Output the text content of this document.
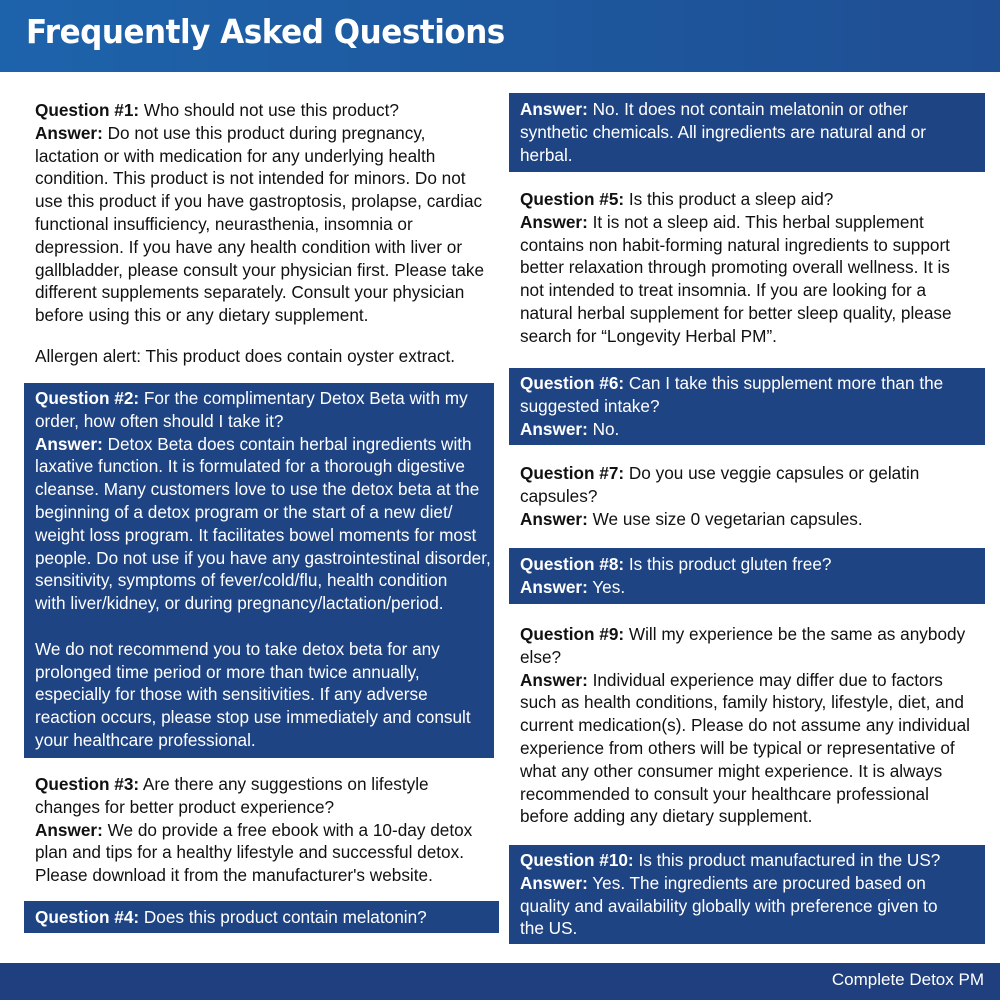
Frequently Asked Questions
Question #1: Who should not use this product?
Answer: Do not use this product during pregnancy,
lactation or with medication for any underlying health
condition. This product is not intended for minors. Do not
use this product if you have gastroptosis, prolapse, cardiac
functional insufficiency, neurasthenia, insomnia or
depression. If you have any health condition with liver or
gallbladder, please consult your physician first. Please take
different supplements separately. Consult your physician
before using this or any dietary supplement.
Allergen alert: This product does contain oyster extract.
Question #2: For the complimentary Detox Beta with my
order, how often should I take it?
Answer: Detox Beta does contain herbal ingredients with
laxative function. It is formulated for a thorough digestive
cleanse. Many customers love to use the detox beta at the
beginning of a detox program or the start of a new diet/
weight loss program. It facilitates bowel moments for most
people. Do not use if you have any gastrointestinal disorder,
sensitivity, symptoms of fever/cold/flu, health condition
with liver/kidney, or during pregnancy/lactation/period.
We do not recommend you to take detox beta for any
prolonged time period or more than twice annually,
especially for those with sensitivities. If any adverse
reaction occurs, please stop use immediately and consult
your healthcare professional.
Question #3: Are there any suggestions on lifestyle
changes for better product experience?
Answer: We do provide a free ebook with a 10-day detox
plan and tips for a healthy lifestyle and successful detox.
Please download it from the manufacturer's website.
Question #4: Does this product contain melatonin?
Answer: No. It does not contain melatonin or other
synthetic chemicals. All ingredients are natural and or
herbal.
Question #5: Is this product a sleep aid?
Answer: It is not a sleep aid. This herbal supplement
contains non habit-forming natural ingredients to support
better relaxation through promoting overall wellness. It is
not intended to treat insomnia. If you are looking for a
natural herbal supplement for better sleep quality, please
search for “Longevity Herbal PM”.
Question #6: Can I take this supplement more than the
suggested intake?
Answer: No.
Question #7: Do you use veggie capsules or gelatin
capsules?
Answer: We use size 0 vegetarian capsules.
Question #8: Is this product gluten free?
Answer: Yes.
Question #9: Will my experience be the same as anybody
else?
Answer: Individual experience may differ due to factors
such as health conditions, family history, lifestyle, diet, and
current medication(s). Please do not assume any individual
experience from others will be typical or representative of
what any other consumer might experience. It is always
recommended to consult your healthcare professional
before adding any dietary supplement.
Question #10: Is this product manufactured in the US?
Answer: Yes. The ingredients are procured based on
quality and availability globally with preference given to
the US.
Complete Detox PM
